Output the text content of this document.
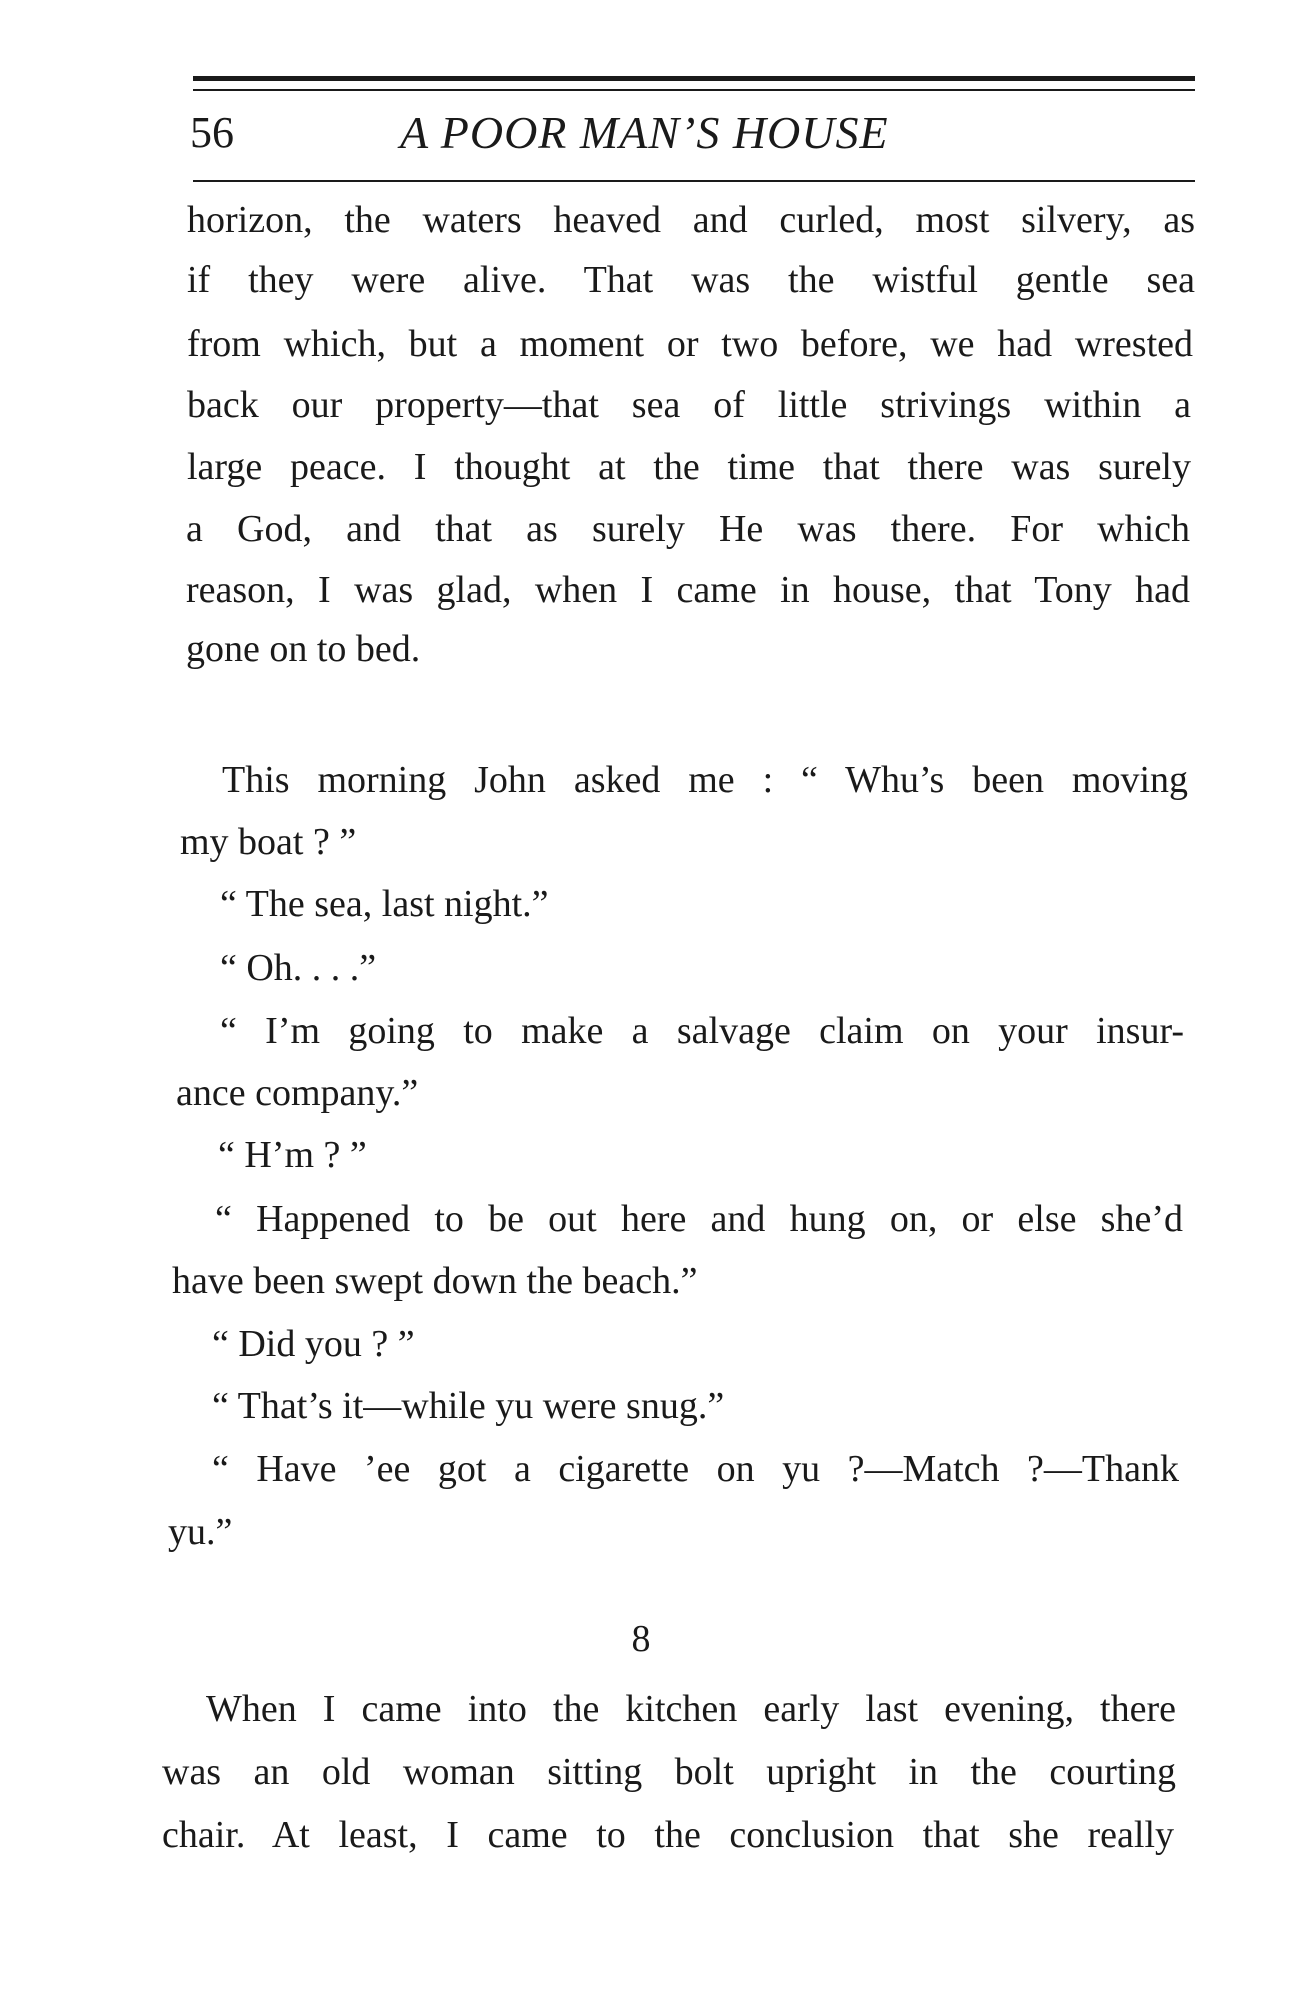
56	A POOR MAN’S HOUSE
horizon, the waters heaved and curled, most silvery, as
if they were alive. That was the wistful gentle sea
from which, but a moment or two before, we had wrested
back our property—that sea of little strivings within a
large peace. I thought at the time that there was surely
a God, and that as surely He was there. For which
reason, I was glad, when I came in house, that Tony had
gone on to bed.
This morning John asked me : “ Whu’s been moving
my boat ? ”
“ The sea, last night.”
“ Oh. . . .”
“ I’m going to make a salvage claim on your insur-
ance company.”
“ H’m ? ”
“ Happened to be out here and hung on, or else she’d
have been swept down the beach.”
“ Did you ? ”
“ That’s it—while yu were snug.”
“ Have ’ee got a cigarette on yu ?—Match ?—Thank
yu.”
8
When I came into the kitchen early last evening, there
was an old woman sitting bolt upright in the courting
chair. At least, I came to the conclusion that she really
